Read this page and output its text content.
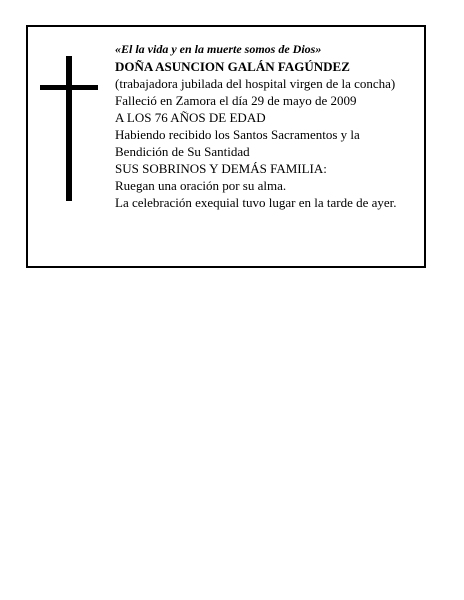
«El la vida y en la muerte somos de Dios»
DOÑA ASUNCION GALÁN FAGÚNDEZ
(trabajadora jubilada del hospital virgen de la concha)
Falleció en Zamora el día 29 de mayo de 2009
A LOS 76 AÑOS DE EDAD
Habiendo recibido los Santos Sacramentos y la
Bendición de Su Santidad
SUS SOBRINOS Y DEMÁS FAMILIA:
Ruegan una oración por su alma.
La celebración exequial tuvo lugar en la tarde de ayer.
